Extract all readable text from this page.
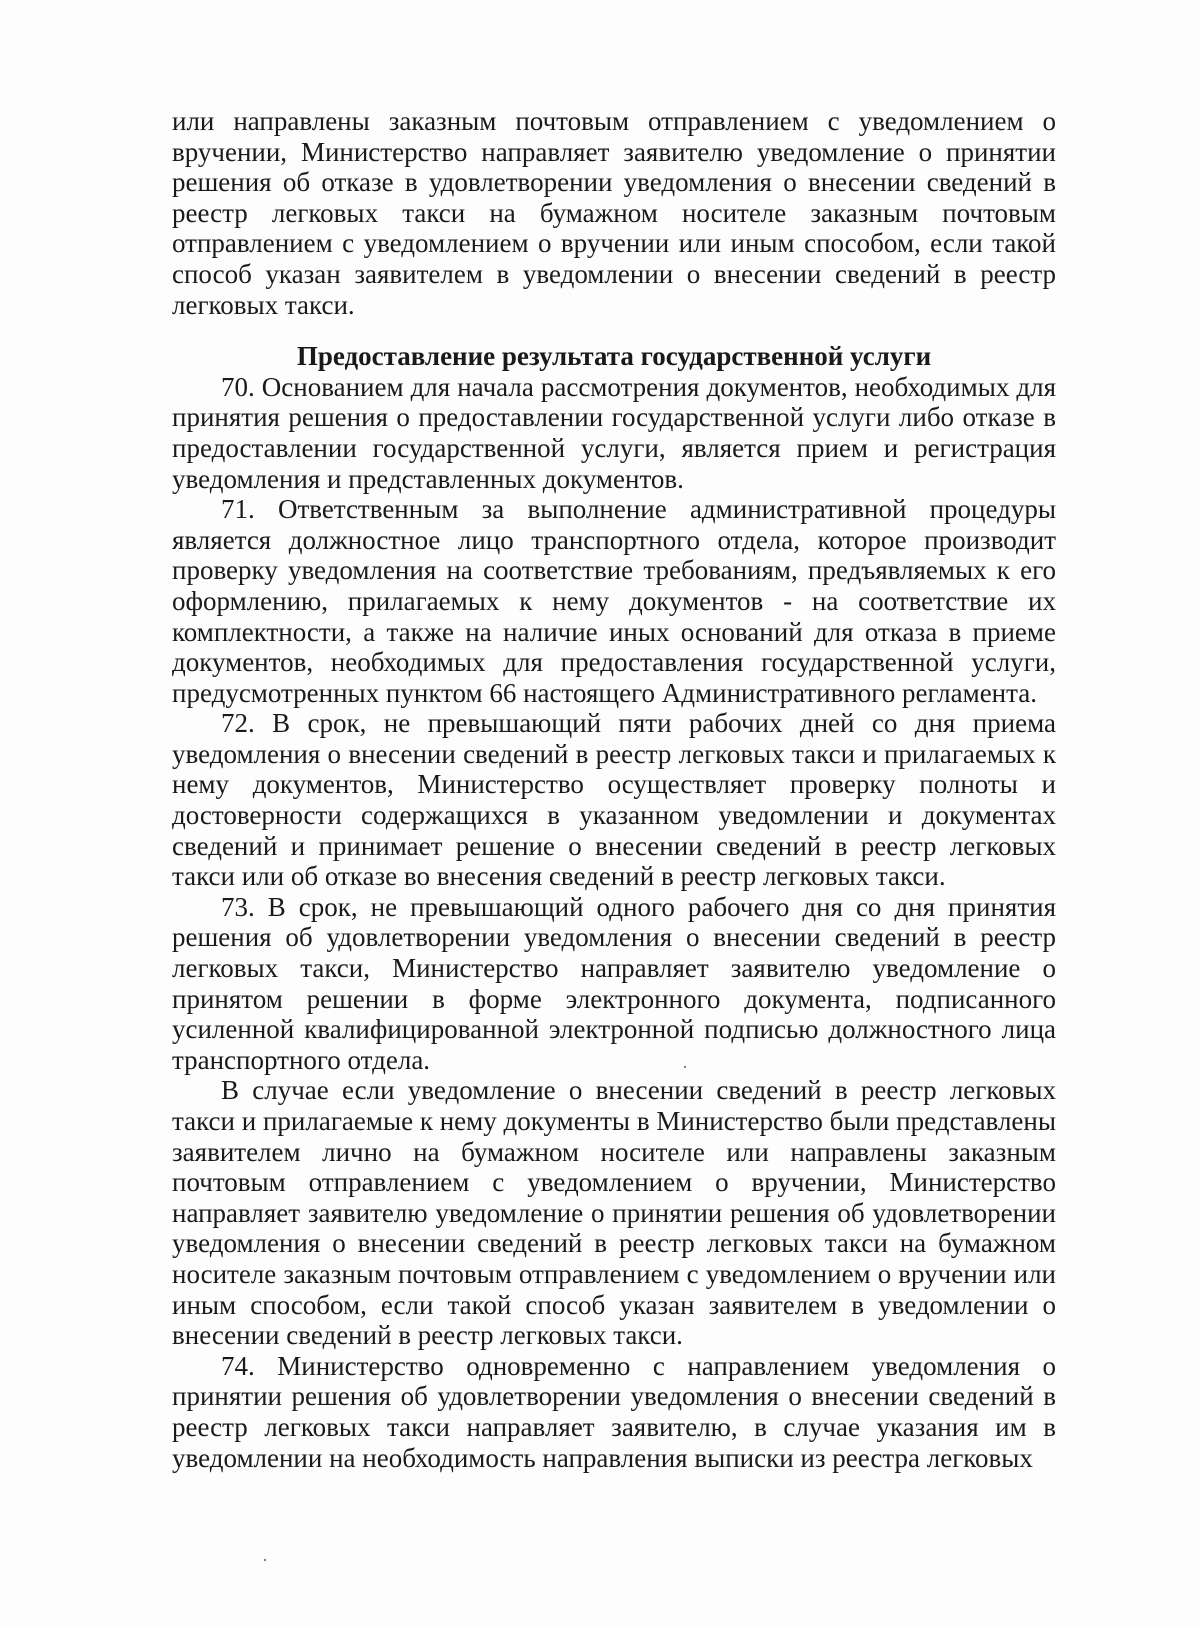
или направлены заказным почтовым отправлением с уведомлением о вручении, Министерство направляет заявителю уведомление о принятии решения об отказе в удовлетворении уведомления о внесении сведений в реестр легковых такси на бумажном носителе заказным почтовым отправлением с уведомлением о вручении или иным способом, если такой способ указан заявителем в уведомлении о внесении сведений в реестр легковых такси.

Предоставление результата государственной услуги

70. Основанием для начала рассмотрения документов, необходимых для принятия решения о предоставлении государственной услуги либо отказе в предоставлении государственной услуги, является прием и регистрация уведомления и представленных документов.

71. Ответственным за выполнение административной процедуры является должностное лицо транспортного отдела, которое производит проверку уведомления на соответствие требованиям, предъявляемых к его оформлению, прилагаемых к нему документов - на соответствие их комплектности, а также на наличие иных оснований для отказа в приеме документов, необходимых для предоставления государственной услуги, предусмотренных пунктом 66 настоящего Административного регламента.

72. В срок, не превышающий пяти рабочих дней со дня приема уведомления о внесении сведений в реестр легковых такси и прилагаемых к нему документов, Министерство осуществляет проверку полноты и достоверности содержащихся в указанном уведомлении и документах сведений и принимает решение о внесении сведений в реестр легковых такси или об отказе во внесения сведений в реестр легковых такси.

73. В срок, не превышающий одного рабочего дня со дня принятия решения об удовлетворении уведомления о внесении сведений в реестр легковых такси, Министерство направляет заявителю уведомление о принятом решении в форме электронного документа, подписанного усиленной квалифицированной электронной подписью должностного лица транспортного отдела.

В случае если уведомление о внесении сведений в реестр легковых такси и прилагаемые к нему документы в Министерство были представлены заявителем лично на бумажном носителе или направлены заказным почтовым отправлением с уведомлением о вручении, Министерство направляет заявителю уведомление о принятии решения об удовлетворении уведомления о внесении сведений в реестр легковых такси на бумажном носителе заказным почтовым отправлением с уведомлением о вручении или иным способом, если такой способ указан заявителем в уведомлении о внесении сведений в реестр легковых такси.

74. Министерство одновременно с направлением уведомления о принятии решения об удовлетворении уведомления о внесении сведений в реестр легковых такси направляет заявителю, в случае указания им в уведомлении на необходимость направления выписки из реестра легковых
